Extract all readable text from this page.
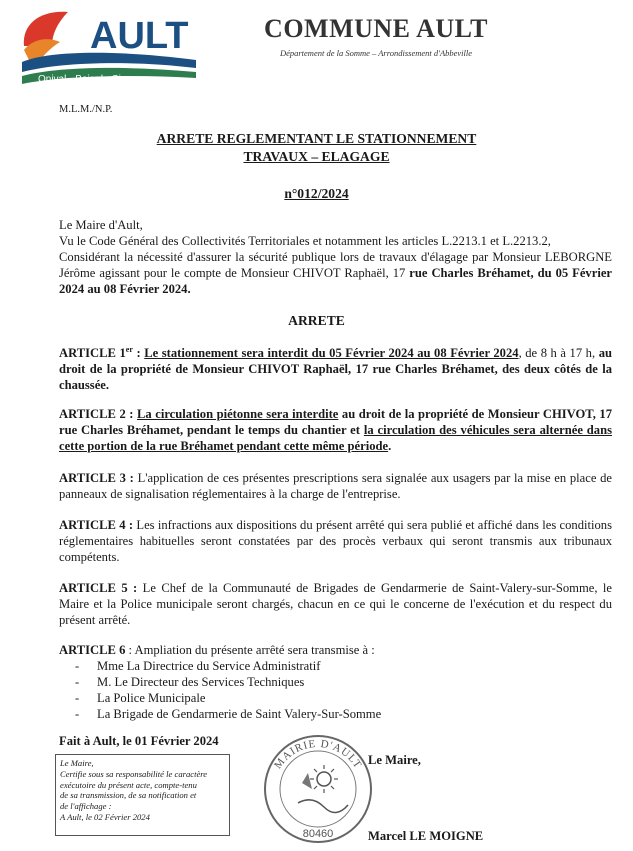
AULT
Onival - Bois de Cise
COMMUNE AULT
Département de la Somme – Arrondissement d'Abbeville
M.L.M./N.P.
ARRETE REGLEMENTANT LE STATIONNEMENT
TRAVAUX – ELAGAGE
n°012/2024
Le Maire d'Ault,
Vu le Code Général des Collectivités Territoriales et notamment les articles L.2213.1 et L.2213.2,
Considérant la nécessité d'assurer la sécurité publique lors de travaux d'élagage par Monsieur LEBORGNE Jérôme agissant pour le compte de Monsieur CHIVOT Raphaël, 17 rue Charles Bréhamet, du 05 Février 2024 au 08 Février 2024.
ARRETE
ARTICLE 1er : Le stationnement sera interdit du 05 Février 2024 au 08 Février 2024, de 8 h à 17 h, au droit de la propriété de Monsieur CHIVOT Raphaël, 17 rue Charles Bréhamet, des deux côtés de la chaussée.
ARTICLE 2 : La circulation piétonne sera interdite au droit de la propriété de Monsieur CHIVOT, 17 rue Charles Bréhamet, pendant le temps du chantier et la circulation des véhicules sera alternée dans cette portion de la rue Bréhamet pendant cette même période.
ARTICLE 3 : L'application de ces présentes prescriptions sera signalée aux usagers par la mise en place de panneaux de signalisation réglementaires à la charge de l'entreprise.
ARTICLE 4 : Les infractions aux dispositions du présent arrêté qui sera publié et affiché dans les conditions réglementaires habituelles seront constatées par des procès verbaux qui seront transmis aux tribunaux compétents.
ARTICLE 5 : Le Chef de la Communauté de Brigades de Gendarmerie de Saint-Valery-sur-Somme, le Maire et la Police municipale seront chargés, chacun en ce qui le concerne de l'exécution et du respect du présent arrêté.
ARTICLE 6 : Ampliation du présente arrêté sera transmise à :
- Mme La Directrice du Service Administratif
- M. Le Directeur des Services Techniques
- La Police Municipale
- La Brigade de Gendarmerie de Saint Valery-Sur-Somme
Fait à Ault, le 01 Février 2024
Le Maire,
Certifie sous sa responsabilité le caractère
exécutoire du présent acte, compte-tenu
de sa transmission, de sa notification et
de l'affichage :
A Ault, le 02 Février 2024
MAIRIE D'AULT
80460
Le Maire,
Marcel LE MOIGNE
